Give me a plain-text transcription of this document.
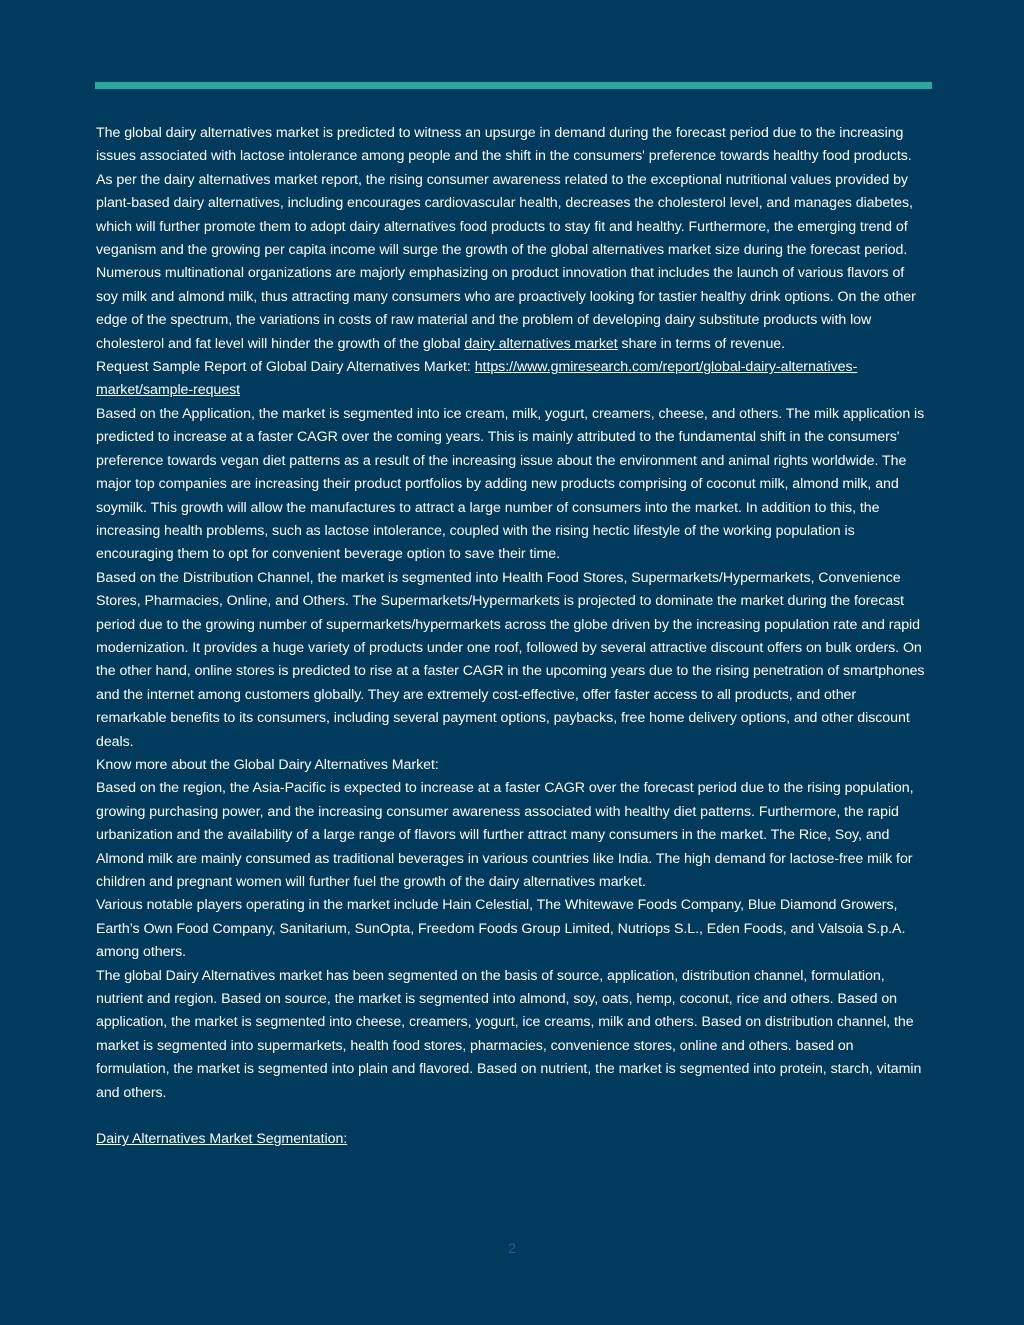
The global dairy alternatives market is predicted to witness an upsurge in demand during the forecast period due to the increasing issues associated with lactose intolerance among people and the shift in the consumers' preference towards healthy food products. As per the dairy alternatives market report, the rising consumer awareness related to the exceptional nutritional values provided by plant-based dairy alternatives, including encourages cardiovascular health, decreases the cholesterol level, and manages diabetes, which will further promote them to adopt dairy alternatives food products to stay fit and healthy. Furthermore, the emerging trend of veganism and the growing per capita income will surge the growth of the global alternatives market size during the forecast period. Numerous multinational organizations are majorly emphasizing on product innovation that includes the launch of various flavors of soy milk and almond milk, thus attracting many consumers who are proactively looking for tastier healthy drink options. On the other edge of the spectrum, the variations in costs of raw material and the problem of developing dairy substitute products with low cholesterol and fat level will hinder the growth of the global dairy alternatives market share in terms of revenue.

Request Sample Report of Global Dairy Alternatives Market: https://www.gmiresearch.com/report/global-dairy-alternatives-market/sample-request

Based on the Application, the market is segmented into ice cream, milk, yogurt, creamers, cheese, and others. The milk application is predicted to increase at a faster CAGR over the coming years. This is mainly attributed to the fundamental shift in the consumers' preference towards vegan diet patterns as a result of the increasing issue about the environment and animal rights worldwide. The major top companies are increasing their product portfolios by adding new products comprising of coconut milk, almond milk, and soymilk. This growth will allow the manufactures to attract a large number of consumers into the market. In addition to this, the increasing health problems, such as lactose intolerance, coupled with the rising hectic lifestyle of the working population is encouraging them to opt for convenient beverage option to save their time.

Based on the Distribution Channel, the market is segmented into Health Food Stores, Supermarkets/Hypermarkets, Convenience Stores, Pharmacies, Online, and Others. The Supermarkets/Hypermarkets is projected to dominate the market during the forecast period due to the growing number of supermarkets/hypermarkets across the globe driven by the increasing population rate and rapid modernization. It provides a huge variety of products under one roof, followed by several attractive discount offers on bulk orders. On the other hand, online stores is predicted to rise at a faster CAGR in the upcoming years due to the rising penetration of smartphones and the internet among customers globally. They are extremely cost-effective, offer faster access to all products, and other remarkable benefits to its consumers, including several payment options, paybacks, free home delivery options, and other discount deals.

Know more about the Global Dairy Alternatives Market:

Based on the region, the Asia-Pacific is expected to increase at a faster CAGR over the forecast period due to the rising population, growing purchasing power, and the increasing consumer awareness associated with healthy diet patterns. Furthermore, the rapid urbanization and the availability of a large range of flavors will further attract many consumers in the market. The Rice, Soy, and Almond milk are mainly consumed as traditional beverages in various countries like India. The high demand for lactose-free milk for children and pregnant women will further fuel the growth of the dairy alternatives market.

Various notable players operating in the market include Hain Celestial, The Whitewave Foods Company, Blue Diamond Growers, Earth’s Own Food Company, Sanitarium, SunOpta, Freedom Foods Group Limited, Nutriops S.L., Eden Foods, and Valsoia S.p.A. among others.

The global Dairy Alternatives market has been segmented on the basis of source, application, distribution channel, formulation, nutrient and region. Based on source, the market is segmented into almond, soy, oats, hemp, coconut, rice and others. Based on application, the market is segmented into cheese, creamers, yogurt, ice creams, milk and others. Based on distribution channel, the market is segmented into supermarkets, health food stores, pharmacies, convenience stores, online and others. based on formulation, the market is segmented into plain and flavored. Based on nutrient, the market is segmented into protein, starch, vitamin and others.

Dairy Alternatives Market Segmentation:

2
